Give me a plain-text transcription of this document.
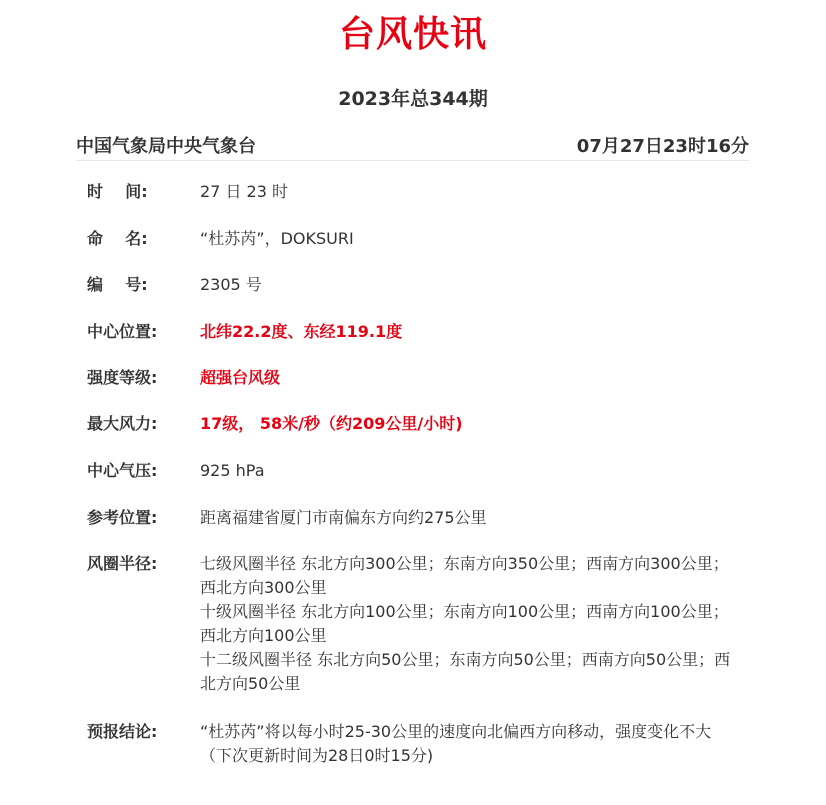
台风快讯
2023年总344期
中国气象局中央气象台	07月27日23时16分
时    间:	27 日 23 时
命    名:	“杜苏芮”，DOKSURI
编    号:	2305 号
中心位置:	北纬22.2度、东经119.1度
强度等级:	超强台风级
最大风力:	17级， 58米/秒（约209公里/小时)
中心气压:	925 hPa
参考位置:	距离福建省厦门市南偏东方向约275公里
风圈半径:	七级风圈半径 东北方向300公里；东南方向350公里；西南方向300公里；西北方向300公里
十级风圈半径 东北方向100公里；东南方向100公里；西南方向100公里；西北方向100公里
十二级风圈半径 东北方向50公里；东南方向50公里；西南方向50公里；西北方向50公里
预报结论:	“杜苏芮”将以每小时25-30公里的速度向北偏西方向移动，强度变化不大
（下次更新时间为28日0时15分)
